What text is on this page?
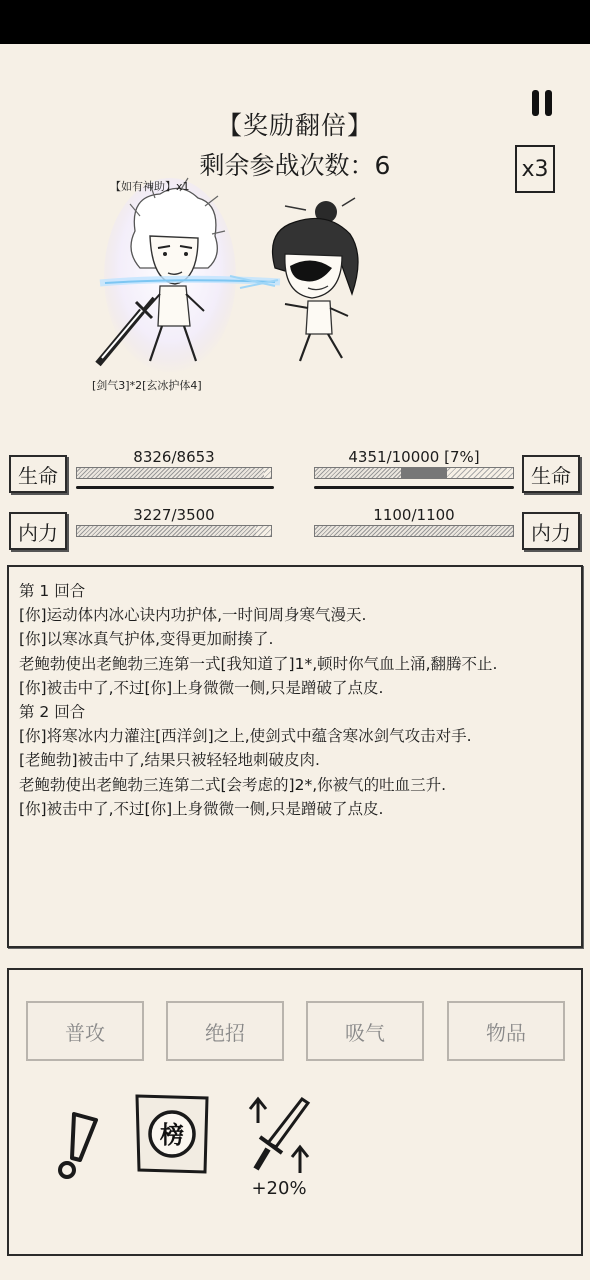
【奖励翻倍】
剩余参战次数：6	x3
【如有神助】x1
[剑气3]*2[玄冰护体4]
生命
8326/8653
内力
3227/3500
生命
4351/10000 [7%]
内力
1100/1100
第 1 回合
[你]运动体内冰心诀内功护体,一时间周身寒气漫天.
[你]以寒冰真气护体,变得更加耐揍了.
老鲍勃使出老鲍勃三连第一式[我知道了]1*,顿时你气血上涌,翻腾不止.
[你]被击中了,不过[你]上身微微一侧,只是蹭破了点皮.
第 2 回合
[你]将寒冰内力灌注[西洋剑]之上,使剑式中蕴含寒冰剑气攻击对手.
[老鲍勃]被击中了,结果只被轻轻地刺破皮肉.
老鲍勃使出老鲍勃三连第二式[会考虑的]2*,你被气的吐血三升.
[你]被击中了,不过[你]上身微微一侧,只是蹭破了点皮.
普攻	绝招	吸气	物品
榜
+20%
